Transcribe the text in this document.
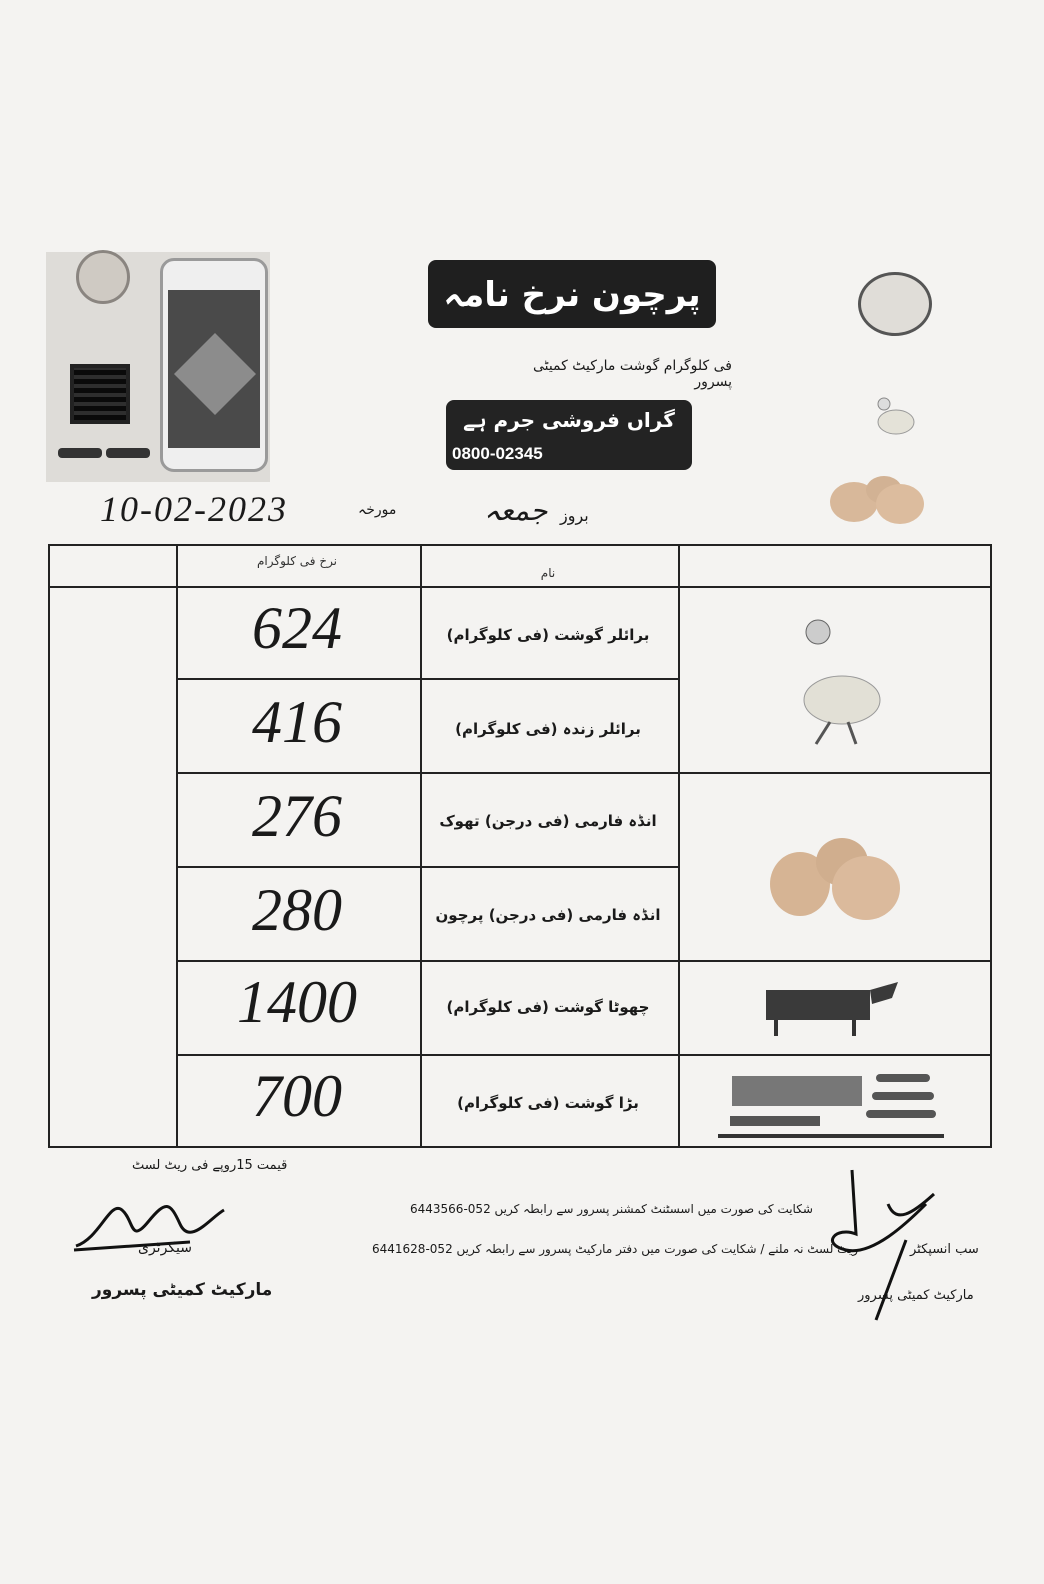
پرچون نرخ نامہ
فی کلوگرام گوشت مارکیٹ کمیٹی پسرور
گراں فروشی جرم ہے
0800-02345
10-02-2023	مورخہ	جمعہ بروز
نرخ فی کلوگرام
نام
624	برائلر گوشت (فی کلوگرام)
416	برائلر زندہ (فی کلوگرام)
276	انڈہ فارمی (فی درجن) تھوک
280	انڈہ فارمی (فی درجن) پرچون
1400	چھوٹا گوشت (فی کلوگرام)
700	بڑا گوشت (فی کلوگرام)
قیمت 15روپے فی ریٹ لسٹ
سیکرٹری
مارکیٹ کمیٹی پسرور
شکایت کی صورت میں اسسٹنٹ کمشنر پسرور سے رابطہ کریں 052-6443566
ریٹ لسٹ نہ ملنے / شکایت کی صورت میں دفتر مارکیٹ پسرور سے رابطہ کریں 052-6441628	سب انسپکٹر
مارکیٹ کمیٹی پسرور
